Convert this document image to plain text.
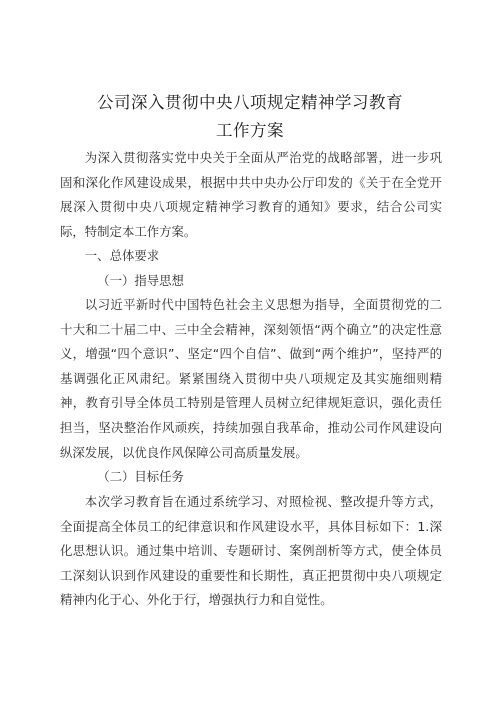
公司深入贯彻中央八项规定精神学习教育
工作方案

为深入贯彻落实党中央关于全面从严治党的战略部署，进一步巩固和深化作风建设成果，根据中共中央办公厅印发的《关于在全党开展深入贯彻中央八项规定精神学习教育的通知》要求，结合公司实际，特制定本工作方案。

一、总体要求

（一）指导思想

以习近平新时代中国特色社会主义思想为指导，全面贯彻党的二十大和二十届二中、三中全会精神，深刻领悟“两个确立”的决定性意义，增强“四个意识”、坚定“四个自信”、做到“两个维护”，坚持严的基调强化正风肃纪。紧紧围绕入贯彻中央八项规定及其实施细则精神，教育引导全体员工特别是管理人员树立纪律规矩意识，强化责任担当，坚决整治作风顽疾，持续加强自我革命，推动公司作风建设向纵深发展，以优良作风保障公司高质量发展。

（二）目标任务

本次学习教育旨在通过系统学习、对照检视、整改提升等方式，全面提高全体员工的纪律意识和作风建设水平，具体目标如下：1.深化思想认识。通过集中培训、专题研讨、案例剖析等方式，使全体员工深刻认识到作风建设的重要性和长期性，真正把贯彻中央八项规定精神内化于心、外化于行，增强执行力和自觉性。
